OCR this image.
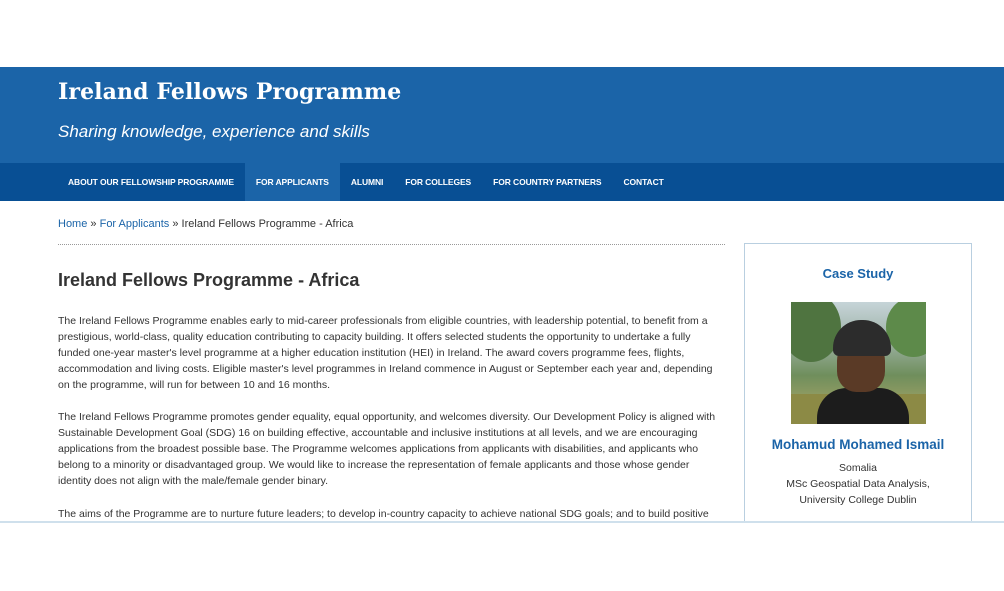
Ireland Fellows Programme
Sharing knowledge, experience and skills
ABOUT OUR FELLOWSHIP PROGRAMME	FOR APPLICANTS	ALUMNI	FOR COLLEGES	FOR COUNTRY PARTNERS	CONTACT
Home » For Applicants » Ireland Fellows Programme - Africa
Ireland Fellows Programme - Africa

The Ireland Fellows Programme enables early to mid-career professionals from eligible countries, with leadership potential, to benefit from a prestigious, world-class, quality education contributing to capacity building. It offers selected students the opportunity to undertake a fully funded one-year master's level programme at a higher education institution (HEI) in Ireland. The award covers programme fees, flights, accommodation and living costs. Eligible master's level programmes in Ireland commence in August or September each year and, depending on the programme, will run for between 10 and 16 months.

The Ireland Fellows Programme promotes gender equality, equal opportunity, and welcomes diversity. Our Development Policy is aligned with Sustainable Development Goal (SDG) 16 on building effective, accountable and inclusive institutions at all levels, and we are encouraging applications from the broadest possible base. The Programme welcomes applications from applicants with disabilities, and applicants who belong to a minority or disadvantaged group. We would like to increase the representation of female applicants and those whose gender identity does not align with the male/female gender binary.

The aims of the Programme are to nurture future leaders; to develop in-country capacity to achieve national SDG goals; and to build positive

Case Study
Mohamud Mohamed Ismail
Somalia
MSc Geospatial Data Analysis,
University College Dublin
